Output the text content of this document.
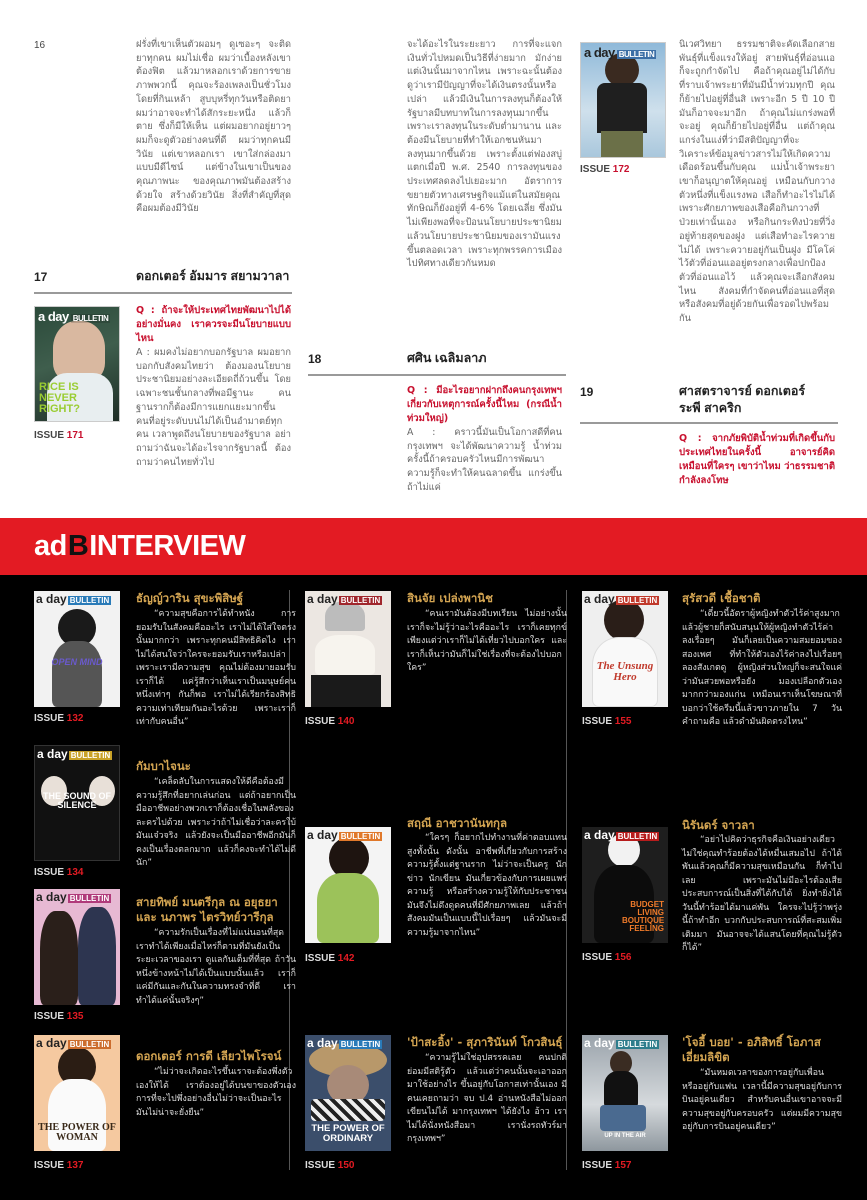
16	ฝรั่งที่เขาเห็นตัวผอมๆ ดูเซอะๆ จะติดยาทุกคน ผมไม่เชื่อ ผมว่าเบื้องหลังเขาต้องฟิต แล้วมาหลอกเราด้วยการขายภาพพวกนี้ คุณจะร้องเพลงเป็นชั่วโมงโดยที่กินเหล้า สูบบุหรี่ทุกวันหรือติดยา ผมว่าอาจจะทำได้สักระยะหนึ่ง แล้วก็ตาย ซึ่งก็มีให้เห็น แต่ผมอยากอยู่ยาวๆ ผมก็จะดูตัวอย่างคนที่ดี ผมว่าทุกคนมีวินัย แต่เขาหลอกเรา เขาใส่กล่องมาแบบมีดีไซน์ แต่ข้างในเขาเป็นของคุณภาพนะ ของคุณภาพมันต้องสร้างด้วยใจ สร้างด้วยวินัย สิ่งที่สำคัญที่สุดคือผมต้องมีวินัย
17	ดอกเตอร์ อัมมาร สยามวาลา
a day BULLETIN
RICE IS NEVER RIGHT?
ISSUE 171
Q : ถ้าจะให้ประเทศไทยพัฒนาไปได้อย่างมั่นคง เราควรจะมีนโยบายแบบไหน
A : ผมคงไม่อยากบอกรัฐบาล ผมอยากบอกกับสังคมไทยว่า ต้องมองนโยบายประชานิยมอย่างละเอียดถี่ถ้วนขึ้น โดยเฉพาะชนชั้นกลางที่พอมีฐานะ คนฐานรากก็ต้องมีการแยกแยะมากขึ้น คนที่อยู่ระดับบนไม่ได้เป็นอำมาตย์ทุกคน เวลาพูดถึงนโยบายของรัฐบาล อย่าถามว่าฉันจะได้อะไรจากรัฐบาลนี้ ต้องถามว่าคนไทยทั่วไป
จะได้อะไรในระยะยาว การที่จะแจกเงินทั่วไปหมดเป็นวิธีที่ง่ายมาก มักง่าย แต่เงินนั้นมาจากไหน เพราะฉะนั้นต้องดูว่าเรามีปัญญาที่จะได้เงินตรงนั้นหรือเปล่า แล้วมีเงินในการลงทุนก็ต้องให้รัฐบาลมีบทบาทในการลงทุนมากขึ้น เพราะเราลงทุนในระดับต่ำมานาน และต้องมีนโยบายที่ทำให้เอกชนหันมาลงทุนมากขึ้นด้วย เพราะตั้งแต่ฟองสบู่แตกเมื่อปี พ.ศ. 2540 การลงทุนของประเทศลดลงไปเยอะมาก อัตราการขยายตัวทางเศรษฐกิจแม้แต่ในสมัยคุณทักษิณก็ยังอยู่ที่ 4-6% โดยเฉลี่ย ซึ่งมันไม่เพียงพอที่จะป้อนนโยบายประชานิยม แล้วนโยบายประชานิยมของเรามันแรงขึ้นตลอดเวลา เพราะทุกพรรคการเมืองไปทิศทางเดียวกันหมด
18	ศศิน เฉลิมลาภ
Q : มีอะไรอยากฝากถึงคนกรุงเทพฯ เกี่ยวกับเหตุการณ์ครั้งนี้ไหม (กรณีน้ำท่วมใหญ่)
A : คราวนี้มันเป็นโอกาสดีที่คนกรุงเทพฯ จะได้พัฒนาความรู้ น้ำท่วมครั้งนี้ถ้าครอบครัวไหนมีการพัฒนาความรู้ก็จะทำให้คนฉลาดขึ้น แกร่งขึ้น ถ้าไม่แค่
a day BULLETIN
ISSUE 172
นิเวศวิทยา ธรรมชาติจะคัดเลือกสายพันธุ์ที่แข็งแรงให้อยู่ สายพันธุ์ที่อ่อนแอก็จะถูกกำจัดไป คือถ้าคุณอยู่ไม่ได้กับที่ราบเจ้าพระยาที่มันมีน้ำท่วมทุกปี คุณก็ย้ายไปอยู่ที่อื่นสิ เพราะอีก 5 ปี 10 ปี มันก็อาจจะมาอีก ถ้าคุณไม่แกร่งพอที่จะอยู่ คุณก็ย้ายไปอยู่ที่อื่น แต่ถ้าคุณแกร่งในแง่ที่ว่ามีสติปัญญาที่จะวิเคราะห์ข้อมูลข่าวสารไม่ให้เกิดความเดือดร้อนขึ้นกับคุณ แม่น้ำเจ้าพระยาเขาก็อนุญาตให้คุณอยู่ เหมือนกับกวางตัวหนึ่งที่แข็งแรงพอ เสือก็ทำอะไรไม่ได้ เพราะศักยภาพของเสือคือกินกวางที่ป่วยเท่านั้นเอง หรือกินกระทิงป่วยที่วิ่งอยู่ท้ายสุดของฝูง แต่เสือทำอะไรควายไม่ได้ เพราะควายอยู่กันเป็นฝูง มีโคโค่ไว้ตัวที่อ่อนแออยู่ตรงกลางเพื่อปกป้องตัวที่อ่อนแอไว้ แล้วคุณจะเลือกสังคมไหน สังคมที่กำจัดคนที่อ่อนแอที่สุด หรือสังคมที่อยู่ด้วยกันเพื่อรอดไปพร้อมกัน
19	ศาสตราจารย์ ดอกเตอร์ ระพี สาคริก
Q : จากภัยพิบัติน้ำท่วมที่เกิดขึ้นกับประเทศไทยในครั้งนี้ อาจารย์คิดเหมือนที่ใครๆ เขาว่าไหม ว่าธรรมชาติกำลังลงโทษ
adBINTERVIEW
a day BULLETIN
OPEN MIND
ISSUE 132
ธัญญ์วาริน สุขะพิสิษฐ์
“ความสุขคือการได้ทำหนัง การยอมรับในสังคมคืออะไร เราไม่ได้ใส่ใจตรงนั้นมากกว่า เพราะทุกคนมีสิทธิคิดไง เราไม่ได้สนใจว่าใครจะยอมรับเราหรือเปล่า เพราะเรามีความสุข คุณไม่ต้องมายอมรับเราก็ได้ แค่รู้สึกว่าเห็นเราเป็นมนุษย์คนหนึ่งเท่าๆ กันก็พอ เราไม่ได้เรียกร้องสิทธิความเท่าเทียมกันอะไรด้วย เพราะเราก็เท่ากับคนอื่น”
a day BULLETIN
THE SOUND OF SILENCE
ISSUE 134
กัมบาไจนะ
“เคล็ดลับในการแสดงให้ดีคือต้องมีความรู้สึกที่อยากเล่นก่อน แต่ถ้าอยากเป็นมืออาชีพอย่างพวกเราก็ต้องเชื่อในพลังของละครไปด้วย เพราะว่าถ้าไม่เชื่อว่าละครใบ้มันแจ๋วจริง แล้วยังจะเป็นมืออาชีพอีกมันก็คงเป็นเรื่องตลกมาก แล้วก็คงจะทำได้ไม่ดีนัก”
a day BULLETIN
ISSUE 135
สายทิพย์ มนตรีกุล ณ อยุธยา และ นภาพร ไตรวิทย์วารีกุล
“ความรักเป็นเรื่องที่ไม่แน่นอนที่สุด เราทำได้เพียงเมื่อไหร่ก็ตามที่มันยังเป็นระยะเวลาของเรา ดูแลกันเต็มที่ที่สุด ถ้าวันหนึ่งข้างหน้าไม่ได้เป็นแบบนั้นแล้ว เราก็แค่มีกันและกันในความทรงจำที่ดี เราทำได้แค่นั้นจริงๆ”
a day BULLETIN
THE POWER OF WOMAN
ISSUE 137
ดอกเตอร์ การดี เลียวไพโรจน์
“ไม่ว่าจะเกิดอะไรขึ้นเราจะต้องพึ่งตัวเองให้ได้ เราต้องอยู่ได้บนขาของตัวเอง การที่จะไปพึ่งอย่างอื่นไม่ว่าจะเป็นอะไร มันไม่น่าจะยั่งยืน”
a day BULLETIN
ISSUE 140
สินจัย เปล่งพานิช
“คนเรามันต้องมีบทเรียน ไม่อย่างนั้นเราก็จะไม่รู้ว่าอะไรคืออะไร เราก็เคยทุกข์ เพียงแต่ว่าเราก็ไม่ได้เที่ยวไปบอกใคร และเราก็เห็นว่ามันก็ไม่ใช่เรื่องที่จะต้องไปบอกใคร”
a day BULLETIN
ISSUE 142
สฤณี อาชวานันทกุล
“ใครๆ ก็อยากไปทำงานที่ค่าตอบแทนสูงทั้งนั้น ดังนั้น อาชีพที่เกี่ยวกับการสร้างความรู้ตั้งแต่ฐานราก ไม่ว่าจะเป็นครู นักข่าว นักเขียน มันเกี่ยวข้องกับการเผยแพร่ความรู้ หรือสร้างความรู้ให้กับประชาชน มันจึงไม่ดึงดูดคนที่มีศักยภาพเลย แล้วถ้าสังคมมันเป็นแบบนี้ไปเรื่อยๆ แล้วมันจะมีความรู้มาจากไหน”
a day BULLETIN
THE POWER OF ORDINARY
ISSUE 150
'ป้าสะอิ้ง' - สุภารินันท์ โกวสินธุ์
“ความรู้ไม่ใช่อุปสรรคเลย คนปกติย่อมมีสติรู้ตัว แล้วแต่ว่าคนนั้นจะเอาออกมาใช้อย่างไร ขึ้นอยู่กับโอกาสเท่านั้นเอง มีคนเคยถามว่า จบ ป.4 อ่านหนังสือไม่ออก เขียนไม่ได้ มากรุงเทพฯ ได้ยังไง อ้าว เราไม่ได้นั่งหนังสือมา เรานั่งรถทัวร์มากรุงเทพฯ”
a day BULLETIN
The Unsung Hero
ISSUE 155
สุรัสวดี เชื้อชาติ
“เดี๋ยวนี้อัตราผู้หญิงทำตัวไร้ค่าสูงมาก แล้วผู้ชายก็สนับสนุนให้ผู้หญิงทำตัวไร้ค่าลงเรื่อยๆ มันก็เลยเป็นความสมยอมของสองเพศ ที่ทำให้ตัวเองไร้ค่าลงไปเรื่อยๆ ลองสังเกตดู ผู้หญิงส่วนใหญ่ก็จะสนใจแค่ว่ามันสวยพอหรือยัง มองเปลือกตัวเองมากกว่ามองแก่น เหมือนเราเห็นโฆษณาที่บอกว่าใช้ครีมนี้แล้วขาวภายใน 7 วัน คำถามคือ แล้วดำมันผิดตรงไหน”
a day BULLETIN
BUDGET LIVING BOUTIQUE FEELING
ISSUE 156
นิรันดร์ จาวลา
“อย่าไปคิดว่าธุรกิจคือเงินอย่างเดียว ไม่ใช่คุณทำร้อยต้องได้หมื่นเสมอไป ถ้าได้พันแล้วคุณก็มีความสุขเหมือนกัน ก็ทำไปเลย เพราะมันไม่มีอะไรต้องเสีย ประสบการณ์เป็นสิ่งที่ได้กับได้ ยิ่งทำยิ่งได้ วันนี้ทำร้อยได้มาแค่พัน ใครจะไปรู้ว่าพรุ่งนี้ถ้าทำอีก บวกกับประสบการณ์ที่สะสมเพิ่มเติมมา มันอาจจะได้แสนโดยที่คุณไม่รู้ตัวก็ได้”
a day BULLETIN
UP IN THE AIR
ISSUE 157
'โจอี้ บอย' - อภิสิทธิ์ โอภาสเอี่ยมลิขิต
“มันหมดเวลาของการอยู่กับเพื่อน หรืออยู่กับแฟน เวลานี้มีความสุขอยู่กับการบินอยู่คนเดียว สำหรับคนอื่นเขาอาจจะมีความสุขอยู่กับครอบครัว แต่ผมมีความสุขอยู่กับการบินอยู่คนเดียว”
